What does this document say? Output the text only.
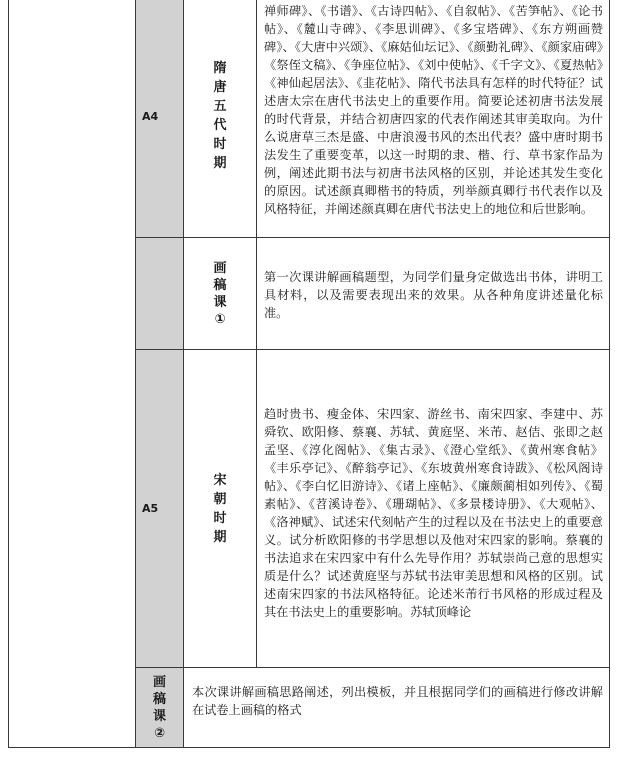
	A4	隋唐五代时期	禅师碑》、《书谱》、《古诗四帖》、《自叙帖》、《苦笋帖》、《论书帖》、《麓山寺碑》、《李思训碑》、《多宝塔碑》、《东方朔画赞碑》、《大唐中兴颂》、《麻姑仙坛记》、《颜勤礼碑》、《颜家庙碑》《祭侄文稿》、《争座位帖》、《刘中使帖》、《千字文》、《夏热帖》《神仙起居法》、《韭花帖》、隋代书法具有怎样的时代特征？试述唐太宗在唐代书法史上的重要作用。简要论述初唐书法发展的时代背景，并结合初唐四家的代表作阐述其审美取向。为什么说唐草三杰是盛、中唐浪漫书风的杰出代表？盛中唐时期书法发生了重要变革，以这一时期的隶、楷、行、草书家作品为例，阐述此期书法与初唐书法风格的区别，并论述其发生变化的原因。试述颜真卿楷书的特质，列举颜真卿行书代表作以及风格特征，并阐述颜真卿在唐代书法史上的地位和后世影响。
		画稿课①	第一次课讲解画稿题型，为同学们量身定做选出书体，讲明工具材料，以及需要表现出来的效果。从各种角度讲述量化标准。
	A5	宋朝时期	趋时贵书、瘦金体、宋四家、游丝书、南宋四家、李建中、苏舜钦、欧阳修、蔡襄、苏轼、黄庭坚、米芾、赵佶、张即之赵孟坚、《淳化阁帖》、《集古录》、《澄心堂纸》、《黄州寒食帖》《丰乐亭记》、《醉翁亭记》、《东坡黄州寒食诗跋》、《松风阁诗帖》、《李白忆旧游诗》、《诸上座帖》、《廉颇蔺相如列传》、《蜀素帖》、《苕溪诗卷》、《珊瑚帖》、《多景楼诗册》、《大观帖》、《洛神赋》、试述宋代刻帖产生的过程以及在书法史上的重要意义。试分析欧阳修的书学思想以及他对宋四家的影响。蔡襄的书法追求在宋四家中有什么先导作用？苏轼崇尚己意的思想实质是什么？试述黄庭坚与苏轼书法审美思想和风格的区别。试述南宋四家的书法风格特征。论述米芾行书风格的形成过程及其在书法史上的重要影响。苏轼顶峰论
	画稿课②	本次课讲解画稿思路阐述，列出模板，并且根据同学们的画稿进行修改讲解在试卷上画稿的格式	
